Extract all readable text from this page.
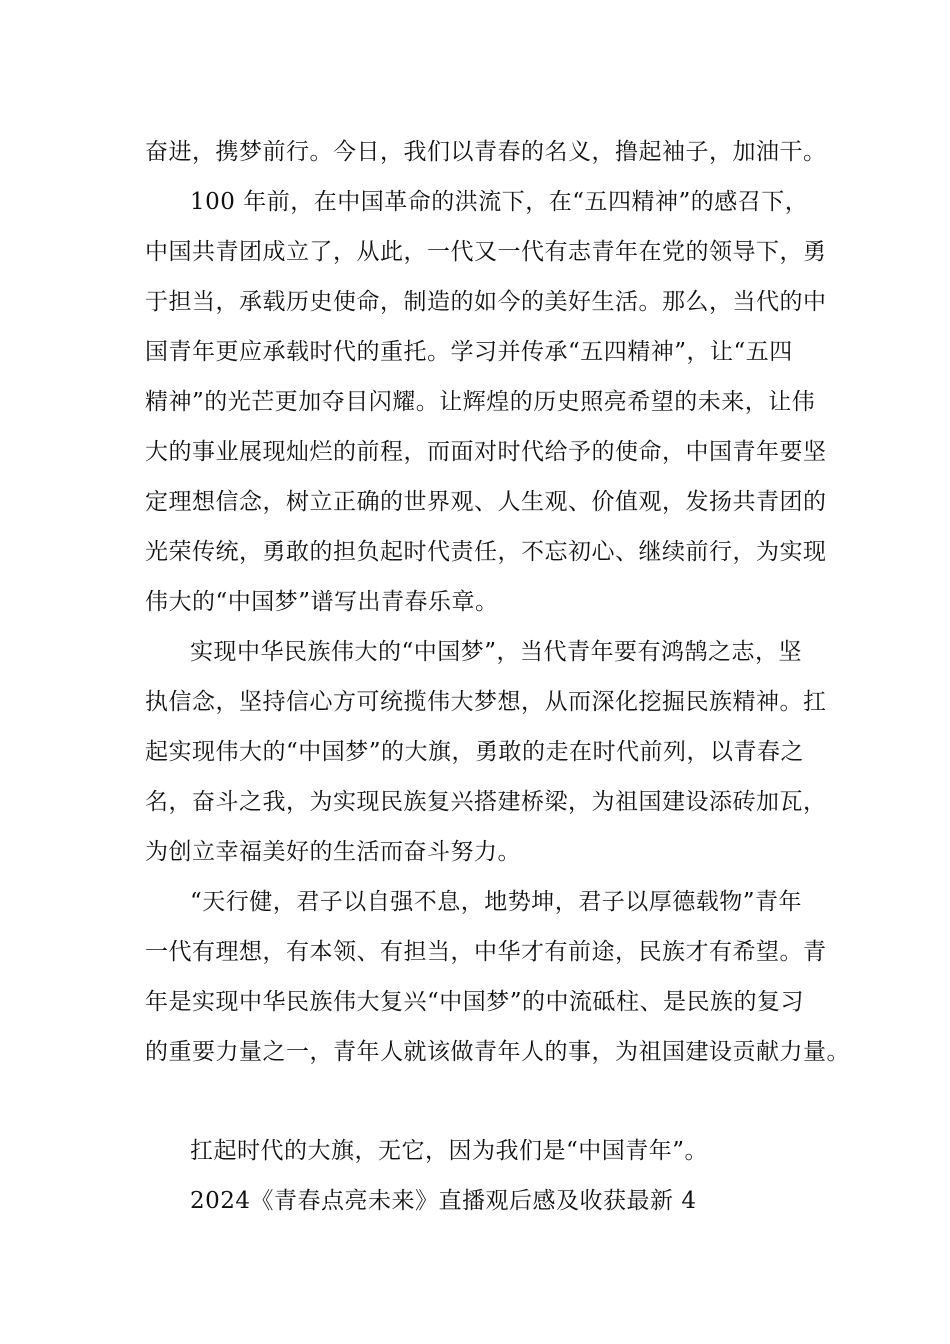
奋进，携梦前行。今日，我们以青春的名义，撸起袖子，加油干。
100 年前，在中国革命的洪流下，在“五四精神”的感召下，
中国共青团成立了，从此，一代又一代有志青年在党的领导下，勇
于担当，承载历史使命，制造的如今的美好生活。那么，当代的中
国青年更应承载时代的重托。学习并传承“五四精神”，让“五四
精神”的光芒更加夺目闪耀。让辉煌的历史照亮希望的未来，让伟
大的事业展现灿烂的前程，而面对时代给予的使命，中国青年要坚
定理想信念，树立正确的世界观、人生观、价值观，发扬共青团的
光荣传统，勇敢的担负起时代责任，不忘初心、继续前行，为实现
伟大的“中国梦”谱写出青春乐章。
实现中华民族伟大的“中国梦”，当代青年要有鸿鹄之志，坚
执信念，坚持信心方可统揽伟大梦想，从而深化挖掘民族精神。扛
起实现伟大的“中国梦”的大旗，勇敢的走在时代前列，以青春之
名，奋斗之我，为实现民族复兴搭建桥梁，为祖国建设添砖加瓦，
为创立幸福美好的生活而奋斗努力。
“天行健，君子以自强不息，地势坤，君子以厚德载物”青年
一代有理想，有本领、有担当，中华才有前途，民族才有希望。青
年是实现中华民族伟大复兴“中国梦”的中流砥柱、是民族的复习
的重要力量之一，青年人就该做青年人的事，为祖国建设贡献力量。
扛起时代的大旗，无它，因为我们是“中国青年”。
2024《青春点亮未来》直播观后感及收获最新 4
